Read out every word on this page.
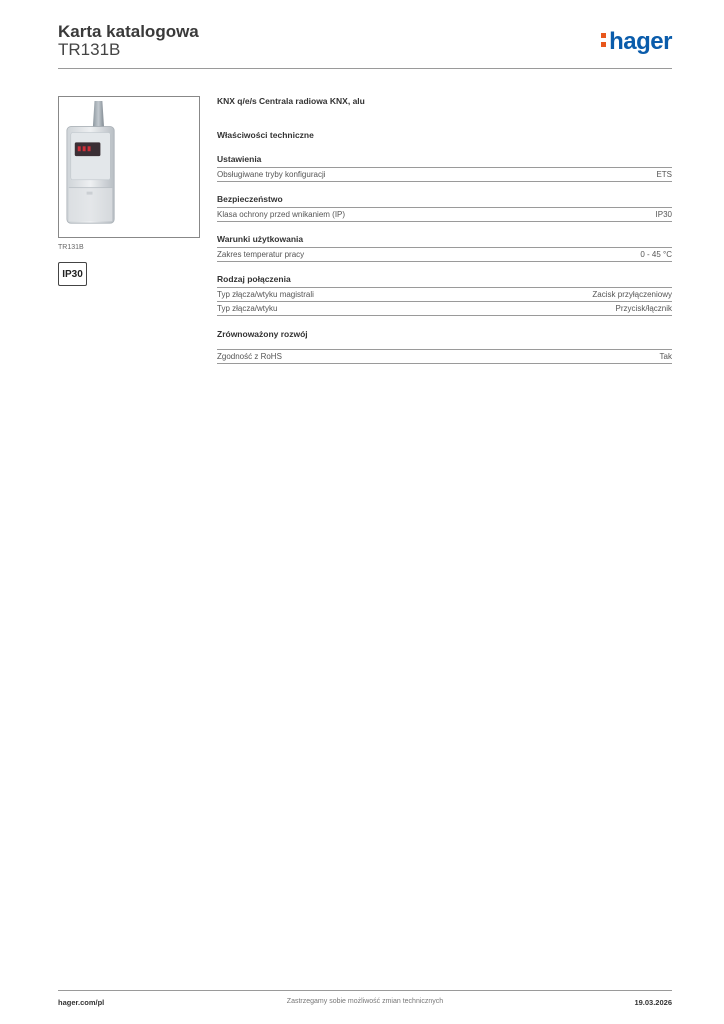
Karta katalogowa
TR131B	hager
TR131B
IP30
KNX q/e/s Centrala radiowa KNX, alu
Właściwości techniczne
Ustawienia
Obsługiwane tryby konfiguracji	ETS
Bezpieczeństwo
Klasa ochrony przed wnikaniem (IP)	IP30
Warunki użytkowania
Zakres temperatur pracy	0 - 45 °C
Rodzaj połączenia
Typ złącza/wtyku magistrali	Zacisk przyłączeniowy
Typ złącza/wtyku	Przycisk/łącznik
Zrównoważony rozwój
Zgodność z RoHS	Tak
hager.com/pl	Zastrzegamy sobie możliwość zmian technicznych	19.03.2026
